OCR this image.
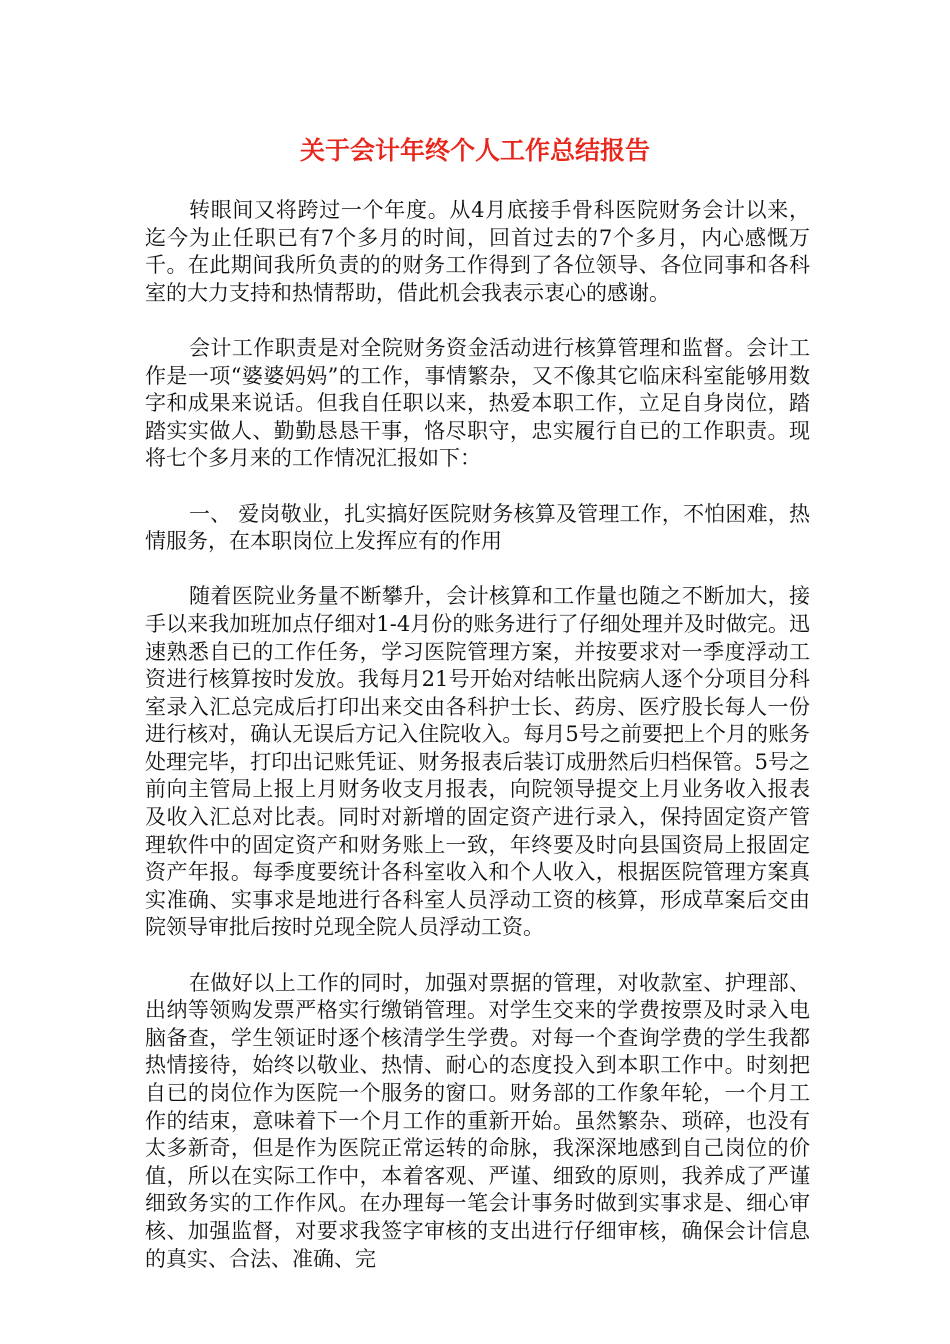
关于会计年终个人工作总结报告

转眼间又将跨过一个年度。从4月底接手骨科医院财务会计以来，迄今为止任职已有7个多月的时间，回首过去的7个多月，内心感慨万千。在此期间我所负责的的财务工作得到了各位领导、各位同事和各科室的大力支持和热情帮助，借此机会我表示衷心的感谢。

会计工作职责是对全院财务资金活动进行核算管理和监督。会计工作是一项“婆婆妈妈”的工作，事情繁杂，又不像其它临床科室能够用数字和成果来说话。但我自任职以来，热爱本职工作，立足自身岗位，踏踏实实做人、勤勤恳恳干事，恪尽职守，忠实履行自已的工作职责。现将七个多月来的工作情况汇报如下：

一、 爱岗敬业，扎实搞好医院财务核算及管理工作，不怕困难，热情服务，在本职岗位上发挥应有的作用

随着医院业务量不断攀升，会计核算和工作量也随之不断加大，接手以来我加班加点仔细对1-4月份的账务进行了仔细处理并及时做完。迅速熟悉自已的工作任务，学习医院管理方案，并按要求对一季度浮动工资进行核算按时发放。我每月21号开始对结帐出院病人逐个分项目分科室录入汇总完成后打印出来交由各科护士长、药房、医疗股长每人一份进行核对，确认无误后方记入住院收入。每月5号之前要把上个月的账务处理完毕，打印出记账凭证、财务报表后装订成册然后归档保管。5号之前向主管局上报上月财务收支月报表，向院领导提交上月业务收入报表及收入汇总对比表。同时对新增的固定资产进行录入，保持固定资产管理软件中的固定资产和财务账上一致，年终要及时向县国资局上报固定资产年报。每季度要统计各科室收入和个人收入，根据医院管理方案真实准确、实事求是地进行各科室人员浮动工资的核算，形成草案后交由院领导审批后按时兑现全院人员浮动工资。

在做好以上工作的同时，加强对票据的管理，对收款室、护理部、出纳等领购发票严格实行缴销管理。对学生交来的学费按票及时录入电脑备查，学生领证时逐个核清学生学费。对每一个查询学费的学生我都热情接待，始终以敬业、热情、耐心的态度投入到本职工作中。时刻把自已的岗位作为医院一个服务的窗口。财务部的工作象年轮，一个月工作的结束，意味着下一个月工作的重新开始。虽然繁杂、琐碎，也没有太多新奇，但是作为医院正常运转的命脉，我深深地感到自己岗位的价值，所以在实际工作中，本着客观、严谨、细致的原则，我养成了严谨细致务实的工作作风。在办理每一笔会计事务时做到实事求是、细心审核、加强监督，对要求我签字审核的支出进行仔细审核，确保会计信息的真实、合法、准确、完
